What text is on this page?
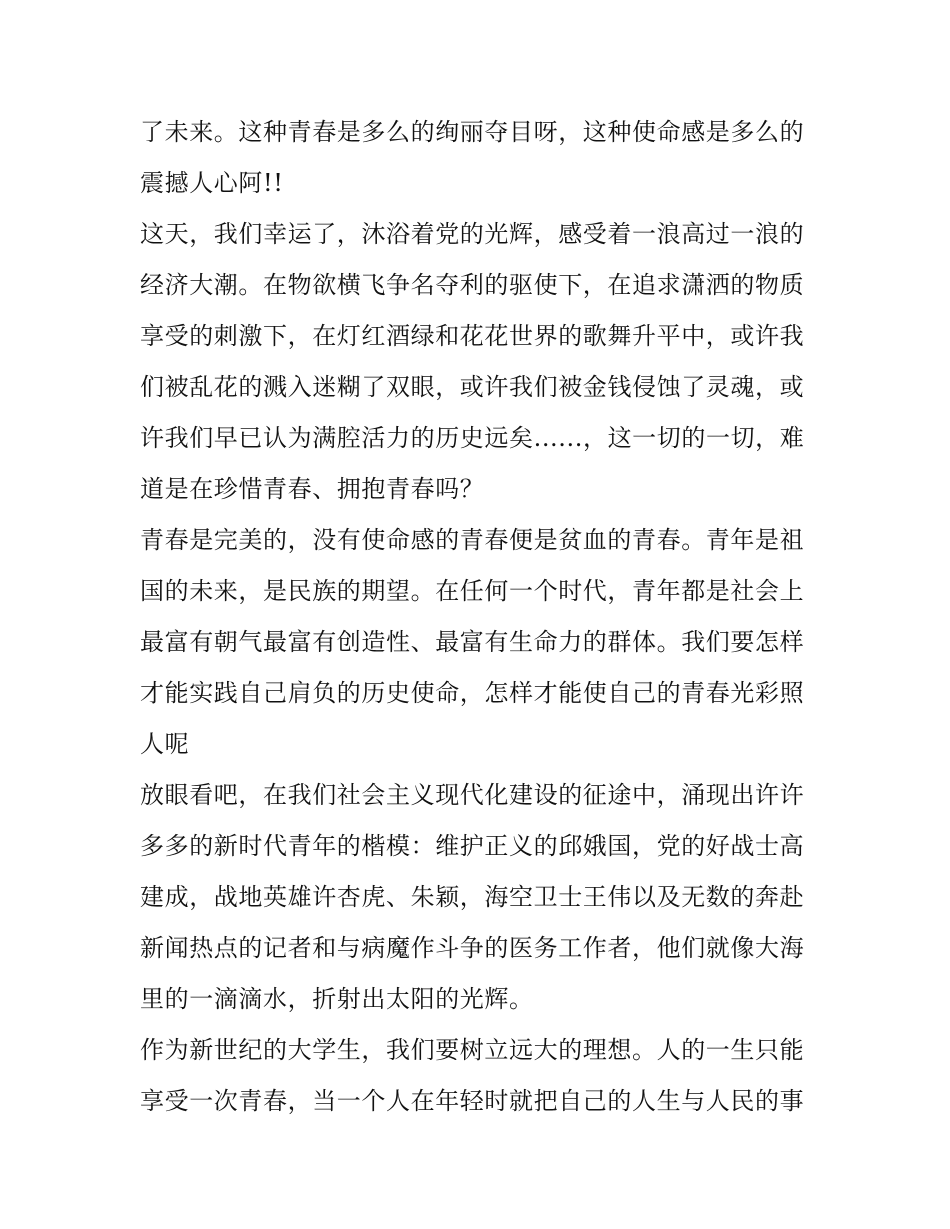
了未来。这种青春是多么的绚丽夺目呀，这种使命感是多么的
震撼人心阿!!
这天，我们幸运了，沐浴着党的光辉，感受着一浪高过一浪的
经济大潮。在物欲横飞争名夺利的驱使下，在追求潇洒的物质
享受的刺激下，在灯红酒绿和花花世界的歌舞升平中，或许我
们被乱花的溅入迷糊了双眼，或许我们被金钱侵蚀了灵魂，或
许我们早已认为满腔活力的历史远矣......，这一切的一切，难
道是在珍惜青春、拥抱青春吗？
青春是完美的，没有使命感的青春便是贫血的青春。青年是祖
国的未来，是民族的期望。在任何一个时代，青年都是社会上
最富有朝气最富有创造性、最富有生命力的群体。我们要怎样
才能实践自己肩负的历史使命，怎样才能使自己的青春光彩照
人呢
放眼看吧，在我们社会主义现代化建设的征途中，涌现出许许
多多的新时代青年的楷模：维护正义的邱娥国，党的好战士高
建成，战地英雄许杏虎、朱颖，海空卫士王伟以及无数的奔赴
新闻热点的记者和与病魔作斗争的医务工作者，他们就像大海
里的一滴滴水，折射出太阳的光辉。
作为新世纪的大学生，我们要树立远大的理想。人的一生只能
享受一次青春，当一个人在年轻时就把自己的人生与人民的事
